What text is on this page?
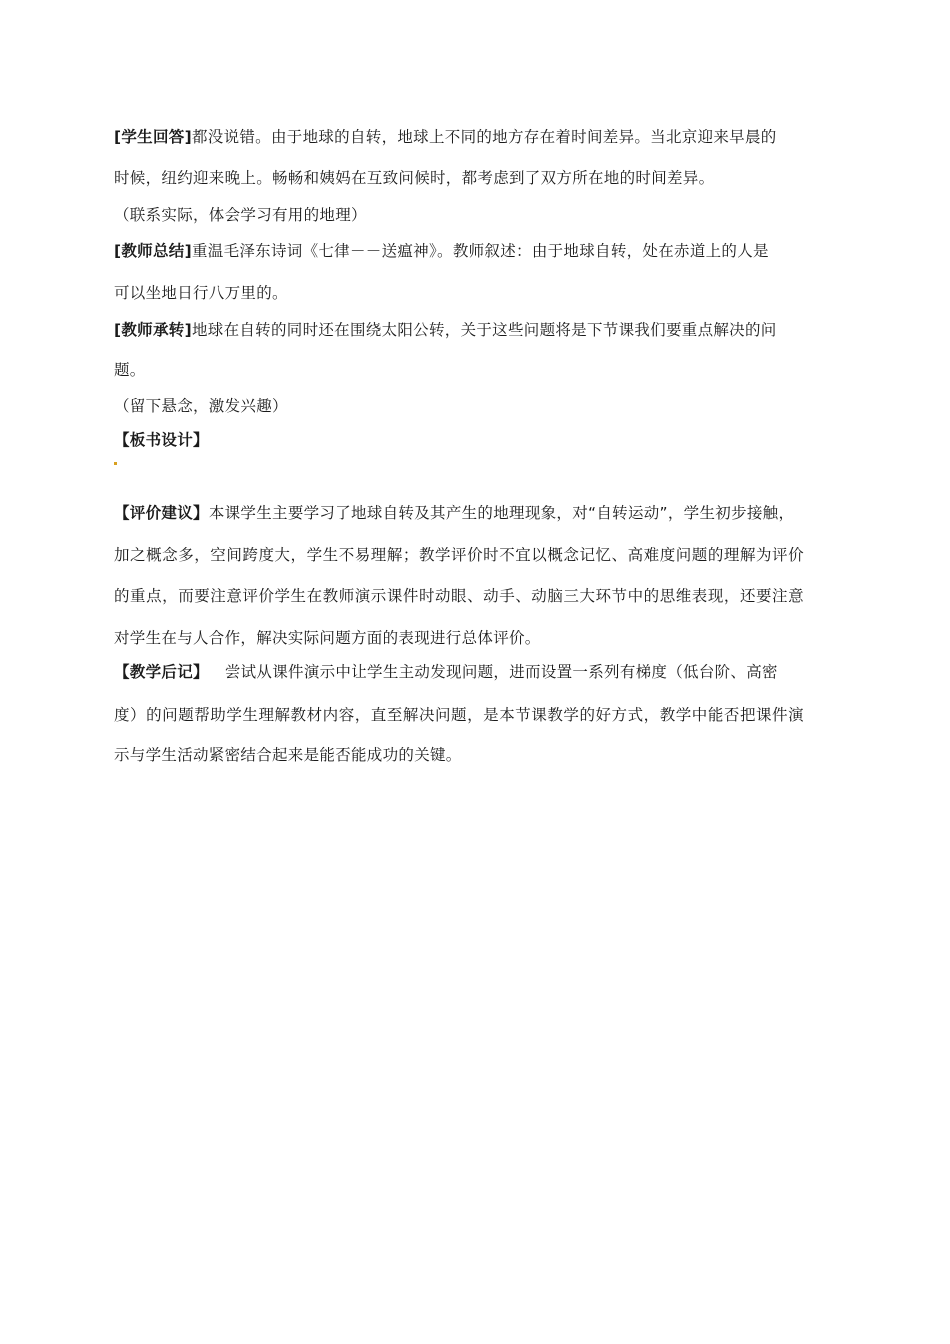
[学生回答]都没说错。由于地球的自转，地球上不同的地方存在着时间差异。当北京迎来早晨的
时候，纽约迎来晚上。畅畅和姨妈在互致问候时，都考虑到了双方所在地的时间差异。
（联系实际，体会学习有用的地理）
[教师总结]重温毛泽东诗词《七律－－送瘟神》。教师叙述：由于地球自转，处在赤道上的人是
可以坐地日行八万里的。
[教师承转]地球在自转的同时还在围绕太阳公转，关于这些问题将是下节课我们要重点解决的问
题。
（留下悬念，激发兴趣）
【板书设计】
【评价建议】本课学生主要学习了地球自转及其产生的地理现象，对“自转运动”，学生初步接触，
加之概念多，空间跨度大，学生不易理解；教学评价时不宜以概念记忆、高难度问题的理解为评价
的重点，而要注意评价学生在教师演示课件时动眼、动手、动脑三大环节中的思维表现，还要注意
对学生在与人合作，解决实际问题方面的表现进行总体评价。
【教学后记】 尝试从课件演示中让学生主动发现问题，进而设置一系列有梯度（低台阶、高密
度）的问题帮助学生理解教材内容，直至解决问题，是本节课教学的好方式，教学中能否把课件演
示与学生活动紧密结合起来是能否能成功的关键。
